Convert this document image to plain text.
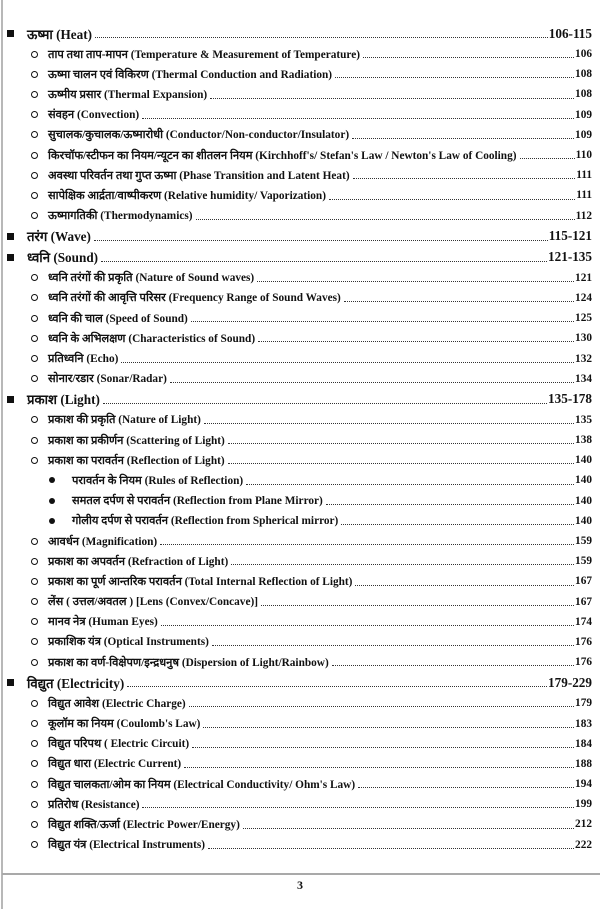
ऊष्मा (Heat)	106-115
ताप तथा ताप-मापन (Temperature & Measurement of Temperature)	106
ऊष्मा चालन एवं विकिरण (Thermal Conduction and Radiation)	108
ऊष्मीय प्रसार (Thermal Expansion)	108
संवहन (Convection)	109
सुचालक/कुचालक/ऊष्मारोधी (Conductor/Non-conductor/Insulator)	109
किरचॉफ/स्टीफन का नियम/न्यूटन का शीतलन नियम (Kirchhoff's/ Stefan's Law / Newton's Law of Cooling)	110
अवस्था परिवर्तन तथा गुप्त ऊष्मा (Phase Transition and Latent Heat)	111
सापेक्षिक आर्द्रता/वाष्पीकरण (Relative humidity/ Vaporization)	111
ऊष्मागतिकी (Thermodynamics)	112
तरंग (Wave)	115-121
ध्वनि (Sound)	121-135
ध्वनि तरंगों की प्रकृति (Nature of Sound waves)	121
ध्वनि तरंगों की आवृत्ति परिसर (Frequency Range of Sound Waves)	124
ध्वनि की चाल (Speed of Sound)	125
ध्वनि के अभिलक्षण (Characteristics of Sound)	130
प्रतिध्वनि (Echo)	132
सोनार/रडार (Sonar/Radar)	134
प्रकाश (Light)	135-178
प्रकाश की प्रकृति (Nature of Light)	135
प्रकाश का प्रकीर्णन (Scattering of Light)	138
प्रकाश का परावर्तन (Reflection of Light)	140
परावर्तन के नियम (Rules of Reflection)	140
समतल दर्पण से परावर्तन (Reflection from Plane Mirror)	140
गोलीय दर्पण से परावर्तन (Reflection from Spherical mirror)	140
आवर्धन (Magnification)	159
प्रकाश का अपवर्तन (Refraction of Light)	159
प्रकाश का पूर्ण आन्तरिक परावर्तन (Total Internal Reflection of Light)	167
लेंस ( उत्तल/अवतल ) [Lens (Convex/Concave)]	167
मानव नेत्र (Human Eyes)	174
प्रकाशिक यंत्र (Optical Instruments)	176
प्रकाश का वर्ण-विक्षेपण/इन्द्रधनुष (Dispersion of Light/Rainbow)	176
विद्युत (Electricity)	179-229
विद्युत आवेश (Electric Charge)	179
कूलॉम का नियम (Coulomb's Law)	183
विद्युत परिपथ ( Electric Circuit)	184
विद्युत धारा (Electric Current)	188
विद्युत चालकता/ओम का नियम (Electrical Conductivity/ Ohm's Law)	194
प्रतिरोध (Resistance)	199
विद्युत शक्ति/ऊर्जा (Electric Power/Energy)	212
विद्युत यंत्र (Electrical Instruments)	222
3
